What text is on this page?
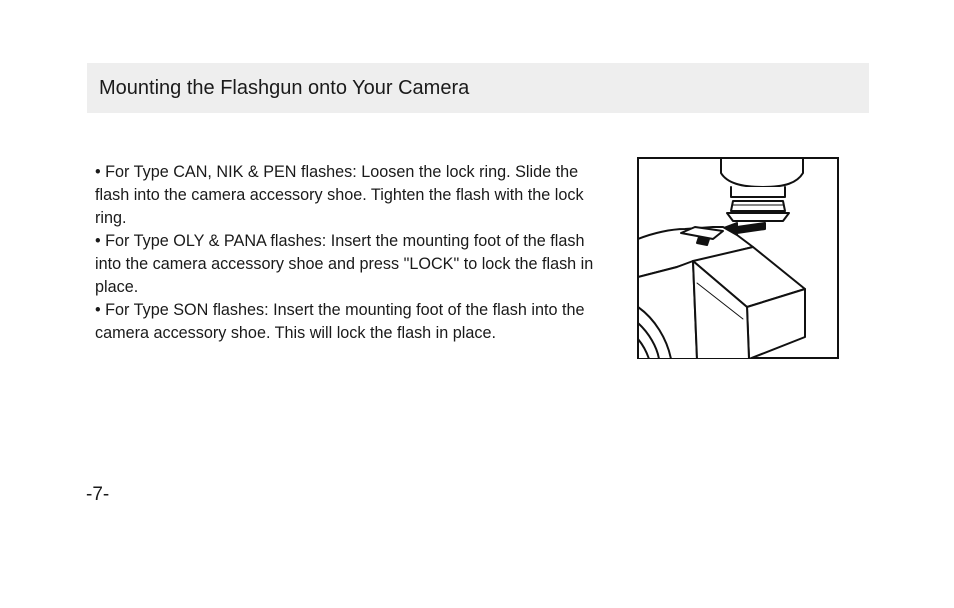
Mounting the Flashgun onto Your Camera

• For Type CAN, NIK & PEN flashes: Loosen the lock ring. Slide the flash into the camera accessory shoe. Tighten the flash with the lock ring.

• For Type OLY & PANA flashes: Insert the mounting foot of the flash into the camera accessory shoe and press "LOCK" to lock the flash in place.

• For Type SON flashes: Insert the mounting foot of the flash into the camera accessory shoe. This will lock the flash in place.

-7-
